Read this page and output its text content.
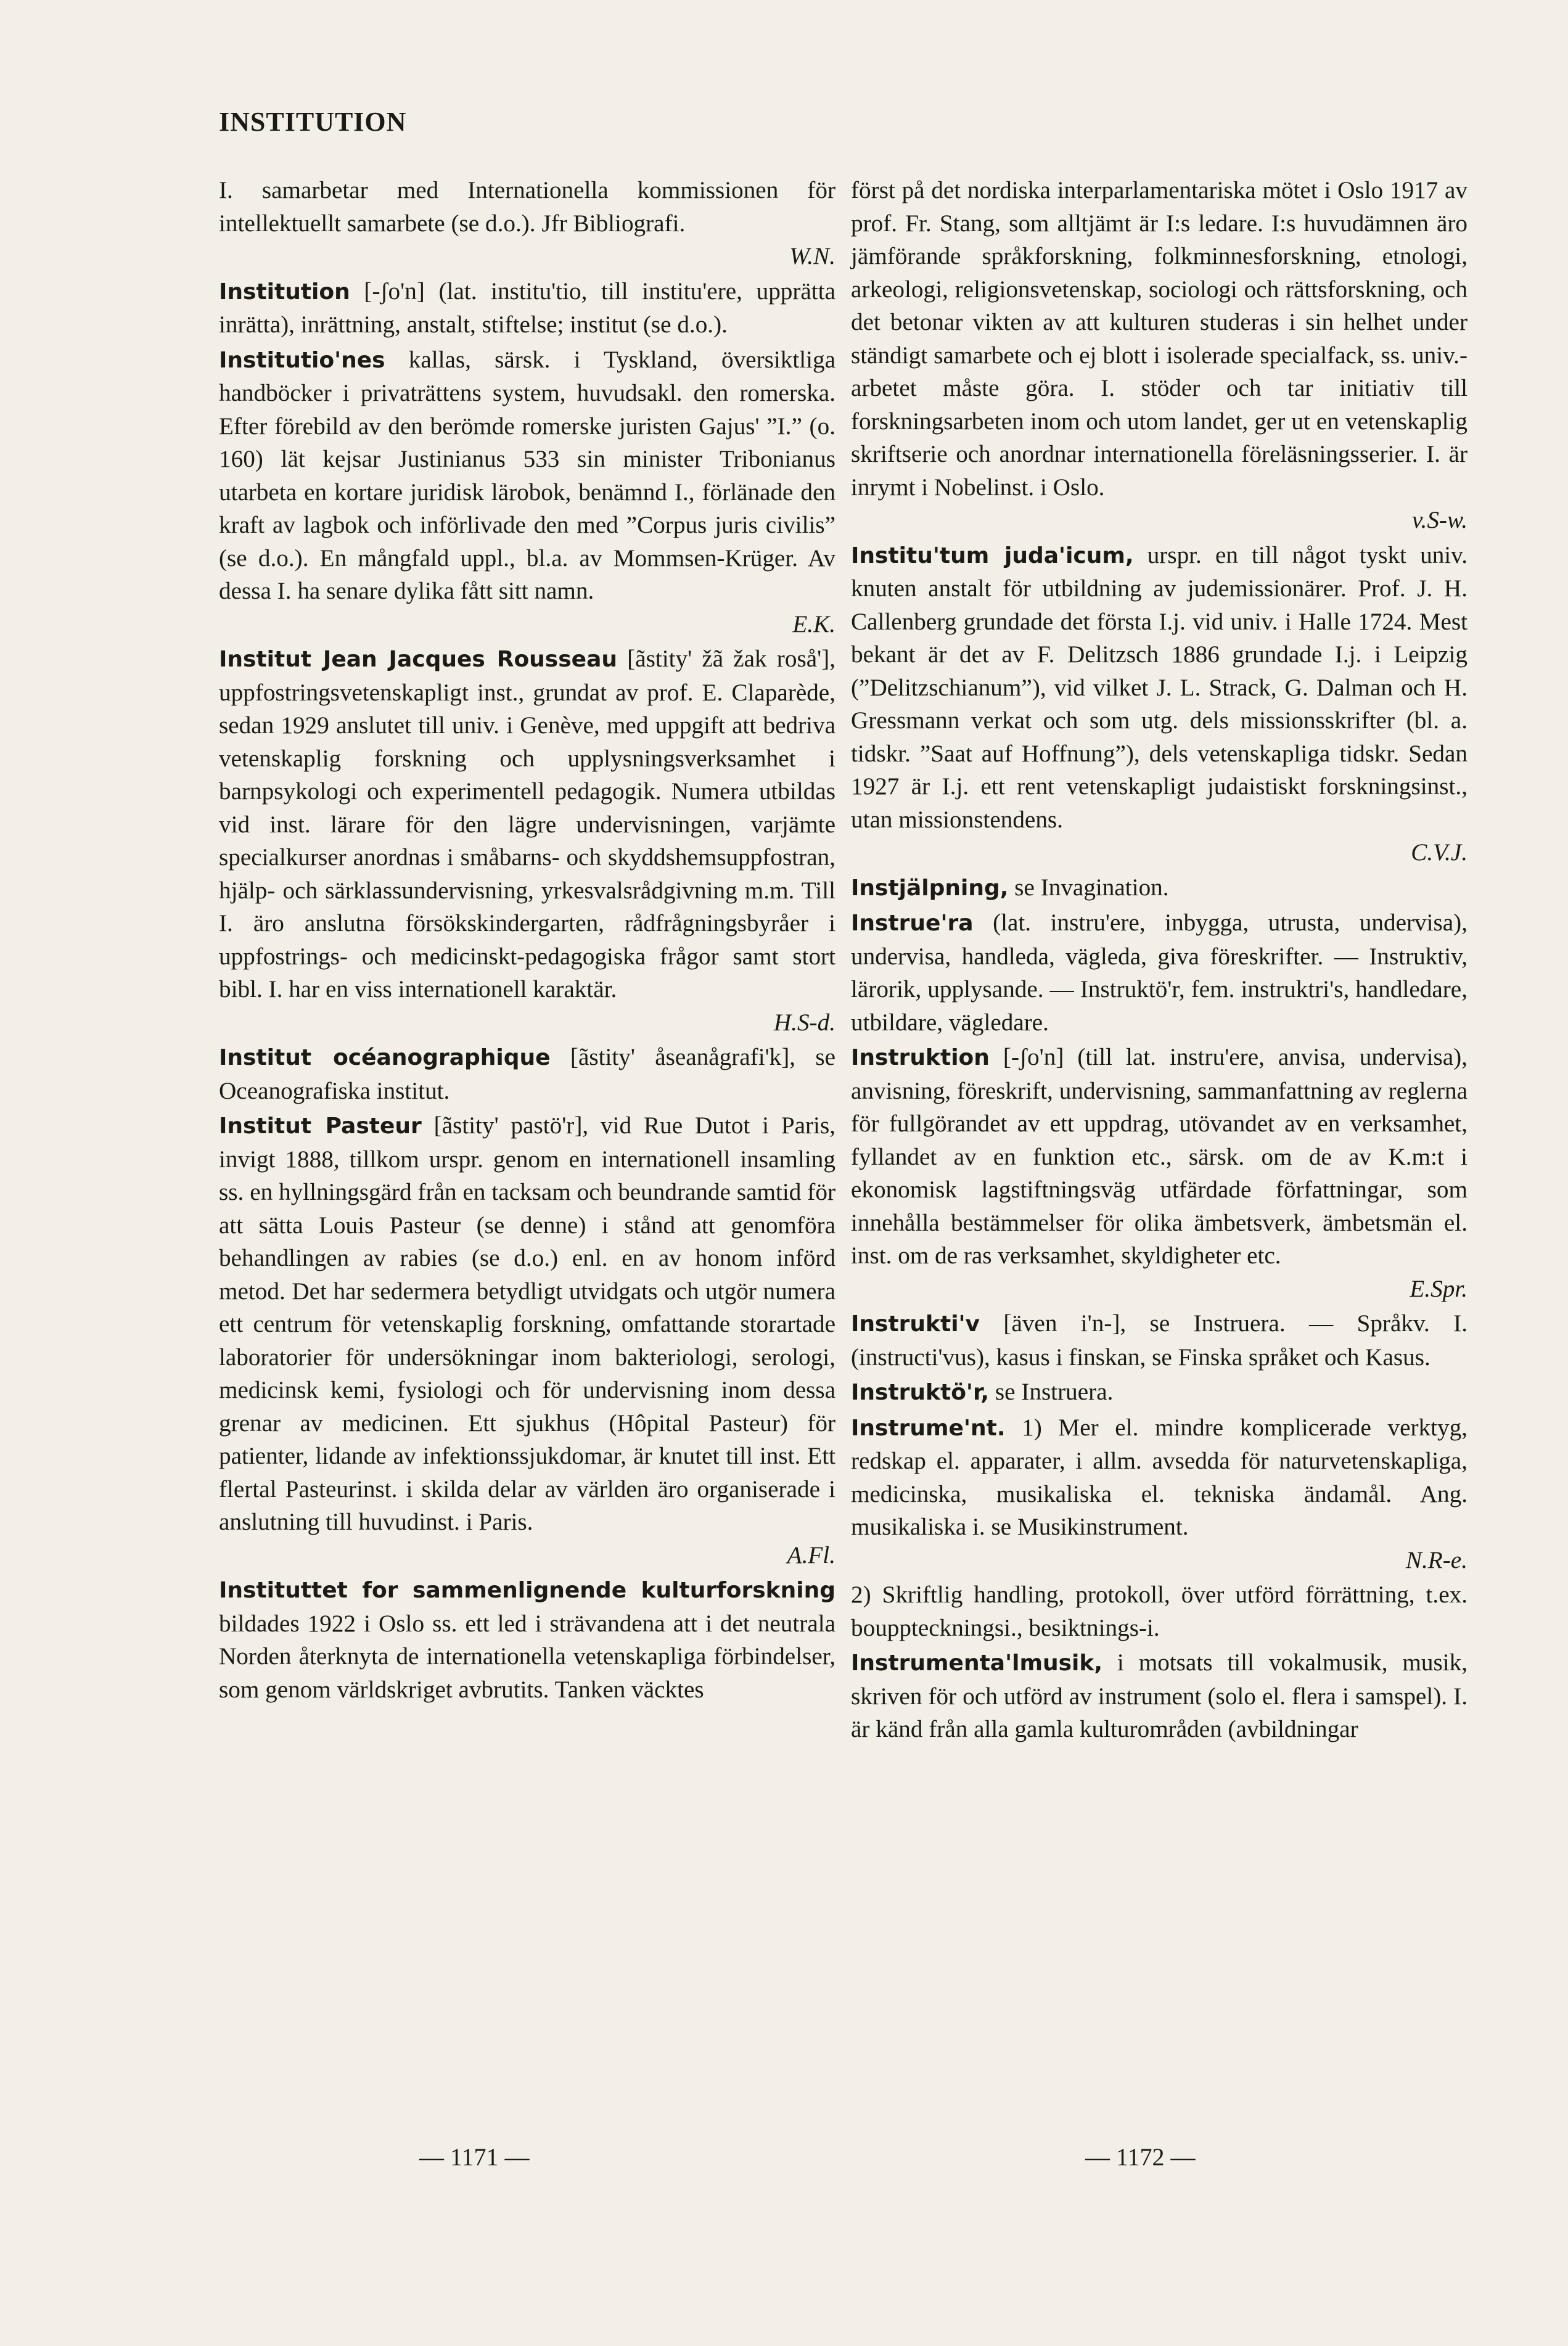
INSTITUTION

I. samarbetar med Internationella kommissionen för intellektuellt samarbete (se d.o.). Jfr Bibliografi.
W.N.

Institution [-ʃo'n] (lat. institu'tio, till institu'ere, upprätta inrätta), inrättning, anstalt, stiftelse; institut (se d.o.).

Institutio'nes kallas, särsk. i Tyskland, översiktliga handböcker i privaträttens system, huvudsakl. den romerska. Efter förebild av den berömde romerske juristen Gajus' ”I.” (o. 160) lät kejsar Justinianus 533 sin minister Tribonianus utarbeta en kortare juridisk lärobok, benämnd I., förlänade den kraft av lagbok och införlivade den med ”Corpus juris civilis” (se d.o.). En mångfald uppl., bl.a. av Mommsen-Krüger. Av dessa I. ha senare dylika fått sitt namn.
E.K.

Institut Jean Jacques Rousseau [ãstity' žã žak roså'], uppfostringsvetenskapligt inst., grundat av prof. E. Claparède, sedan 1929 anslutet till univ. i Genève, med uppgift att bedriva vetenskaplig forskning och upplysningsverksamhet i barnpsykologi och experimentell pedagogik. Numera utbildas vid inst. lärare för den lägre undervisningen, varjämte specialkurser anordnas i småbarns- och skyddshemsuppfostran, hjälp- och särklassundervisning, yrkesvalsrådgivning m.m. Till I. äro anslutna försökskindergarten, rådfrågningsbyråer i uppfostrings- och medicinskt-pedagogiska frågor samt stort bibl. I. har en viss internationell karaktär.
H.S-d.

Institut océanographique [ãstity' åseanågrafi'k], se Oceanografiska institut.

Institut Pasteur [ãstity' pastö'r], vid Rue Dutot i Paris, invigt 1888, tillkom urspr. genom en internationell insamling ss. en hyllningsgärd från en tacksam och beundrande samtid för att sätta Louis Pasteur (se denne) i stånd att genomföra behandlingen av rabies (se d.o.) enl. en av honom införd metod. Det har sedermera betydligt utvidgats och utgör numera ett centrum för vetenskaplig forskning, omfattande storartade laboratorier för undersökningar inom bakteriologi, serologi, medicinsk kemi, fysiologi och för undervisning inom dessa grenar av medicinen. Ett sjukhus (Hôpital Pasteur) för patienter, lidande av infektionssjukdomar, är knutet till inst. Ett flertal Pasteurinst. i skilda delar av världen äro organiserade i anslutning till huvudinst. i Paris.
A.Fl.

Instituttet for sammenlignende kulturforskning bildades 1922 i Oslo ss. ett led i strävandena att i det neutrala Norden återknyta de internationella vetenskapliga förbindelser, som genom världskriget avbrutits. Tanken väcktes

först på det nordiska interparlamentariska mötet i Oslo 1917 av prof. Fr. Stang, som alltjämt är I:s ledare. I:s huvudämnen äro jämförande språkforskning, folkminnesforskning, etnologi, arkeologi, religionsvetenskap, sociologi och rättsforskning, och det betonar vikten av att kulturen studeras i sin helhet under ständigt samarbete och ej blott i isolerade specialfack, ss. univ.-arbetet måste göra. I. stöder och tar initiativ till forskningsarbeten inom och utom landet, ger ut en vetenskaplig skriftserie och anordnar internationella föreläsningsserier. I. är inrymt i Nobelinst. i Oslo.
v.S-w.

Institu'tum juda'icum, urspr. en till något tyskt univ. knuten anstalt för utbildning av judemissionärer. Prof. J. H. Callenberg grundade det första I.j. vid univ. i Halle 1724. Mest bekant är det av F. Delitzsch 1886 grundade I.j. i Leipzig (”Delitzschianum”), vid vilket J. L. Strack, G. Dalman och H. Gressmann verkat och som utg. dels missionsskrifter (bl. a. tidskr. ”Saat auf Hoffnung”), dels vetenskapliga tidskr. Sedan 1927 är I.j. ett rent vetenskapligt judaistiskt forskningsinst., utan missionstendens.
C.V.J.

Instjälpning, se Invagination.

Instrue'ra (lat. instru'ere, inbygga, utrusta, undervisa), undervisa, handleda, vägleda, giva föreskrifter. — Instruktiv, lärorik, upplysande. — Instruktö'r, fem. instruktri's, handledare, utbildare, vägledare.

Instruktion [-ʃo'n] (till lat. instru'ere, anvisa, undervisa), anvisning, föreskrift, undervisning, sammanfattning av reglerna för fullgörandet av ett uppdrag, utövandet av en verksamhet, fyllandet av en funktion etc., särsk. om de av K.m:t i ekonomisk lagstiftningsväg utfärdade författningar, som innehålla bestämmelser för olika ämbetsverk, ämbetsmän el. inst. om de ras verksamhet, skyldigheter etc.
E.Spr.

Instrukti'v [även i'n-], se Instruera. — Språkv. I. (instructi'vus), kasus i finskan, se Finska språket och Kasus.

Instruktö'r, se Instruera.

Instrume'nt. 1) Mer el. mindre komplicerade verktyg, redskap el. apparater, i allm. avsedda för naturvetenskapliga, medicinska, musikaliska el. tekniska ändamål. Ang. musikaliska i. se Musikinstrument.
N.R-e.

2) Skriftlig handling, protokoll, över utförd förrättning, t.ex. bouppteckningsi., besiktnings-i.

Instrumenta'lmusik, i motsats till vokalmusik, musik, skriven för och utförd av instrument (solo el. flera i samspel). I. är känd från alla gamla kulturområden (avbildningar

— 1171 —	— 1172 —
